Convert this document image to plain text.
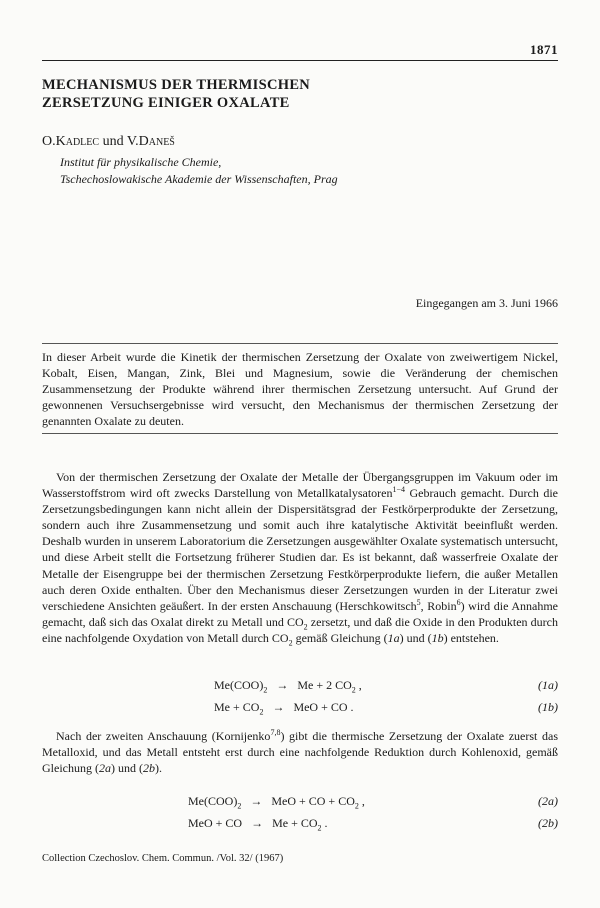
1871
MECHANISMUS DER THERMISCHEN
ZERSETZUNG EINIGER OXALATE
O.Kadlec und V.Daneš
Institut für physikalische Chemie,
Tschechoslowakische Akademie der Wissenschaften, Prag
Eingegangen am 3. Juni 1966
In dieser Arbeit wurde die Kinetik der thermischen Zersetzung der Oxalate von zweiwertigem Nickel, Kobalt, Eisen, Mangan, Zink, Blei und Magnesium, sowie die Veränderung der chemischen Zusammensetzung der Produkte während ihrer thermischen Zersetzung untersucht. Auf Grund der gewonnenen Versuchsergebnisse wird versucht, den Mechanismus der thermischen Zersetzung der genannten Oxalate zu deuten.
Von der thermischen Zersetzung der Oxalate der Metalle der Übergangsgruppen im Vakuum oder im Wasserstoffstrom wird oft zwecks Darstellung von Metallkatalysatoren$^{1-4}$ Gebrauch gemacht. Durch die Zersetzungsbedingungen kann nicht allein der Dispersitätsgrad der Festkörperprodukte der Zersetzung, sondern auch ihre Zusammensetzung und somit auch ihre katalytische Aktivität beeinflußt werden. Deshalb wurden in unserem Laboratorium die Zersetzungen ausgewählter Oxalate systematisch untersucht, und diese Arbeit stellt die Fortsetzung früherer Studien dar. Es ist bekannt, daß wasserfreie Oxalate der Metalle der Eisengruppe bei der thermischen Zersetzung Festkörperprodukte liefern, die außer Metallen auch deren Oxide enthalten. Über den Mechanismus dieser Zersetzungen wurden in der Literatur zwei verschiedene Ansichten geäußert. In der ersten Anschauung (Herschkowitsch$^5$, Robin$^6$) wird die Annahme gemacht, daß sich das Oxalat direkt zu Metall und $CO_2$ zersetzt, und daß die Oxide in den Produkten durch eine nachfolgende Oxydation von Metall durch $CO_2$ gemäß Gleichung (1a) und (1b) entstehen.
$Me(COO)_2 \to Me + 2$ $CO_2$ ,	(1a)
$Me + CO_2$ → MeO + CO .	(1b)
Nach der zweiten Anschauung (Kornijenko$^{7,8}$) gibt die thermische Zersetzung der Oxalate zuerst das Metalloxid, und das Metall entsteht erst durch eine nachfolgende Reduktion durch Kohlenoxid, gemäß Gleichung (2a) und (2b).
$Me(COO)_2$ → MeO + CO + $CO_2$ ,	(2a)
MeO + CO → $Me + CO_2$ .	(2b)
Collection Czechoslov. Chem. Commun. /Vol. 32/ (1967)
